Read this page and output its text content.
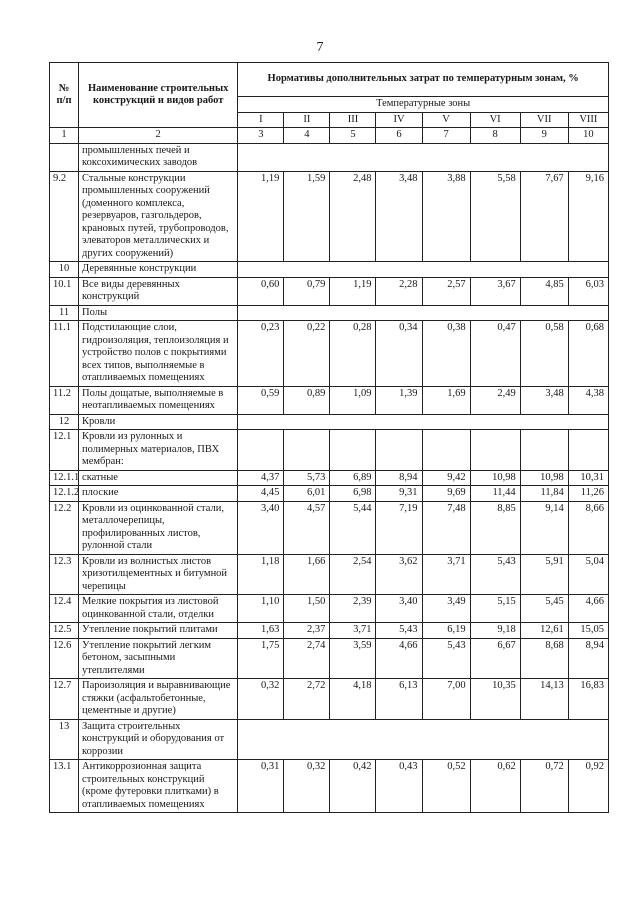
7
№ п/п	Наименование строительных конструкций и видов работ	Нормативы дополнительных затрат по температурным зонам, %							
		Температурные зоны							
		I	II	III	IV	V	VI	VII	VIII
1	2	3	4	5	6	7	8	9	10
	промышленных печей и коксохимических заводов								
9.2	Стальные конструкции промышленных сооружений (доменного комплекса, резервуаров, газгольдеров, крановых путей, трубопроводов, элеваторов металлических и других сооружений)	1,19	1,59	2,48	3,48	3,88	5,58	7,67	9,16
10	Деревянные конструкции								
10.1	Все виды деревянных конструкций	0,60	0,79	1,19	2,28	2,57	3,67	4,85	6,03
11	Полы								
11.1	Подстилающие слои, гидроизоляция, теплоизоляция и устройство полов с покрытиями всех типов, выполняемые в отапливаемых помещениях	0,23	0,22	0,28	0,34	0,38	0,47	0,58	0,68
11.2	Полы дощатые, выполняемые в неотапливаемых помещениях	0,59	0,89	1,09	1,39	1,69	2,49	3,48	4,38
12	Кровли								
12.1	Кровли из рулонных и полимерных материалов, ПВХ мембран:								
12.1.1	скатные	4,37	5,73	6,89	8,94	9,42	10,98	10,98	10,31
12.1.2	плоские	4,45	6,01	6,98	9,31	9,69	11,44	11,84	11,26
12.2	Кровли из оцинкованной стали, металлочерепицы, профилированных листов, рулонной стали	3,40	4,57	5,44	7,19	7,48	8,85	9,14	8,66
12.3	Кровли из волнистых листов хризотилцементных и битумной черепицы	1,18	1,66	2,54	3,62	3,71	5,43	5,91	5,04
12.4	Мелкие покрытия из листовой оцинкованной стали, отделки	1,10	1,50	2,39	3,40	3,49	5,15	5,45	4,66
12.5	Утепление покрытий плитами	1,63	2,37	3,71	5,43	6,19	9,18	12,61	15,05
12.6	Утепление покрытий легким бетоном, засыпными утеплителями	1,75	2,74	3,59	4,66	5,43	6,67	8,68	8,94
12.7	Пароизоляция и выравнивающие стяжки (асфальтобетонные, цементные и другие)	0,32	2,72	4,18	6,13	7,00	10,35	14,13	16,83
13	Защита строительных конструкций и оборудования от коррозии								
13.1	Антикоррозионная защита строительных конструкций (кроме футеровки плитками) в отапливаемых помещениях	0,31	0,32	0,42	0,43	0,52	0,62	0,72	0,92
